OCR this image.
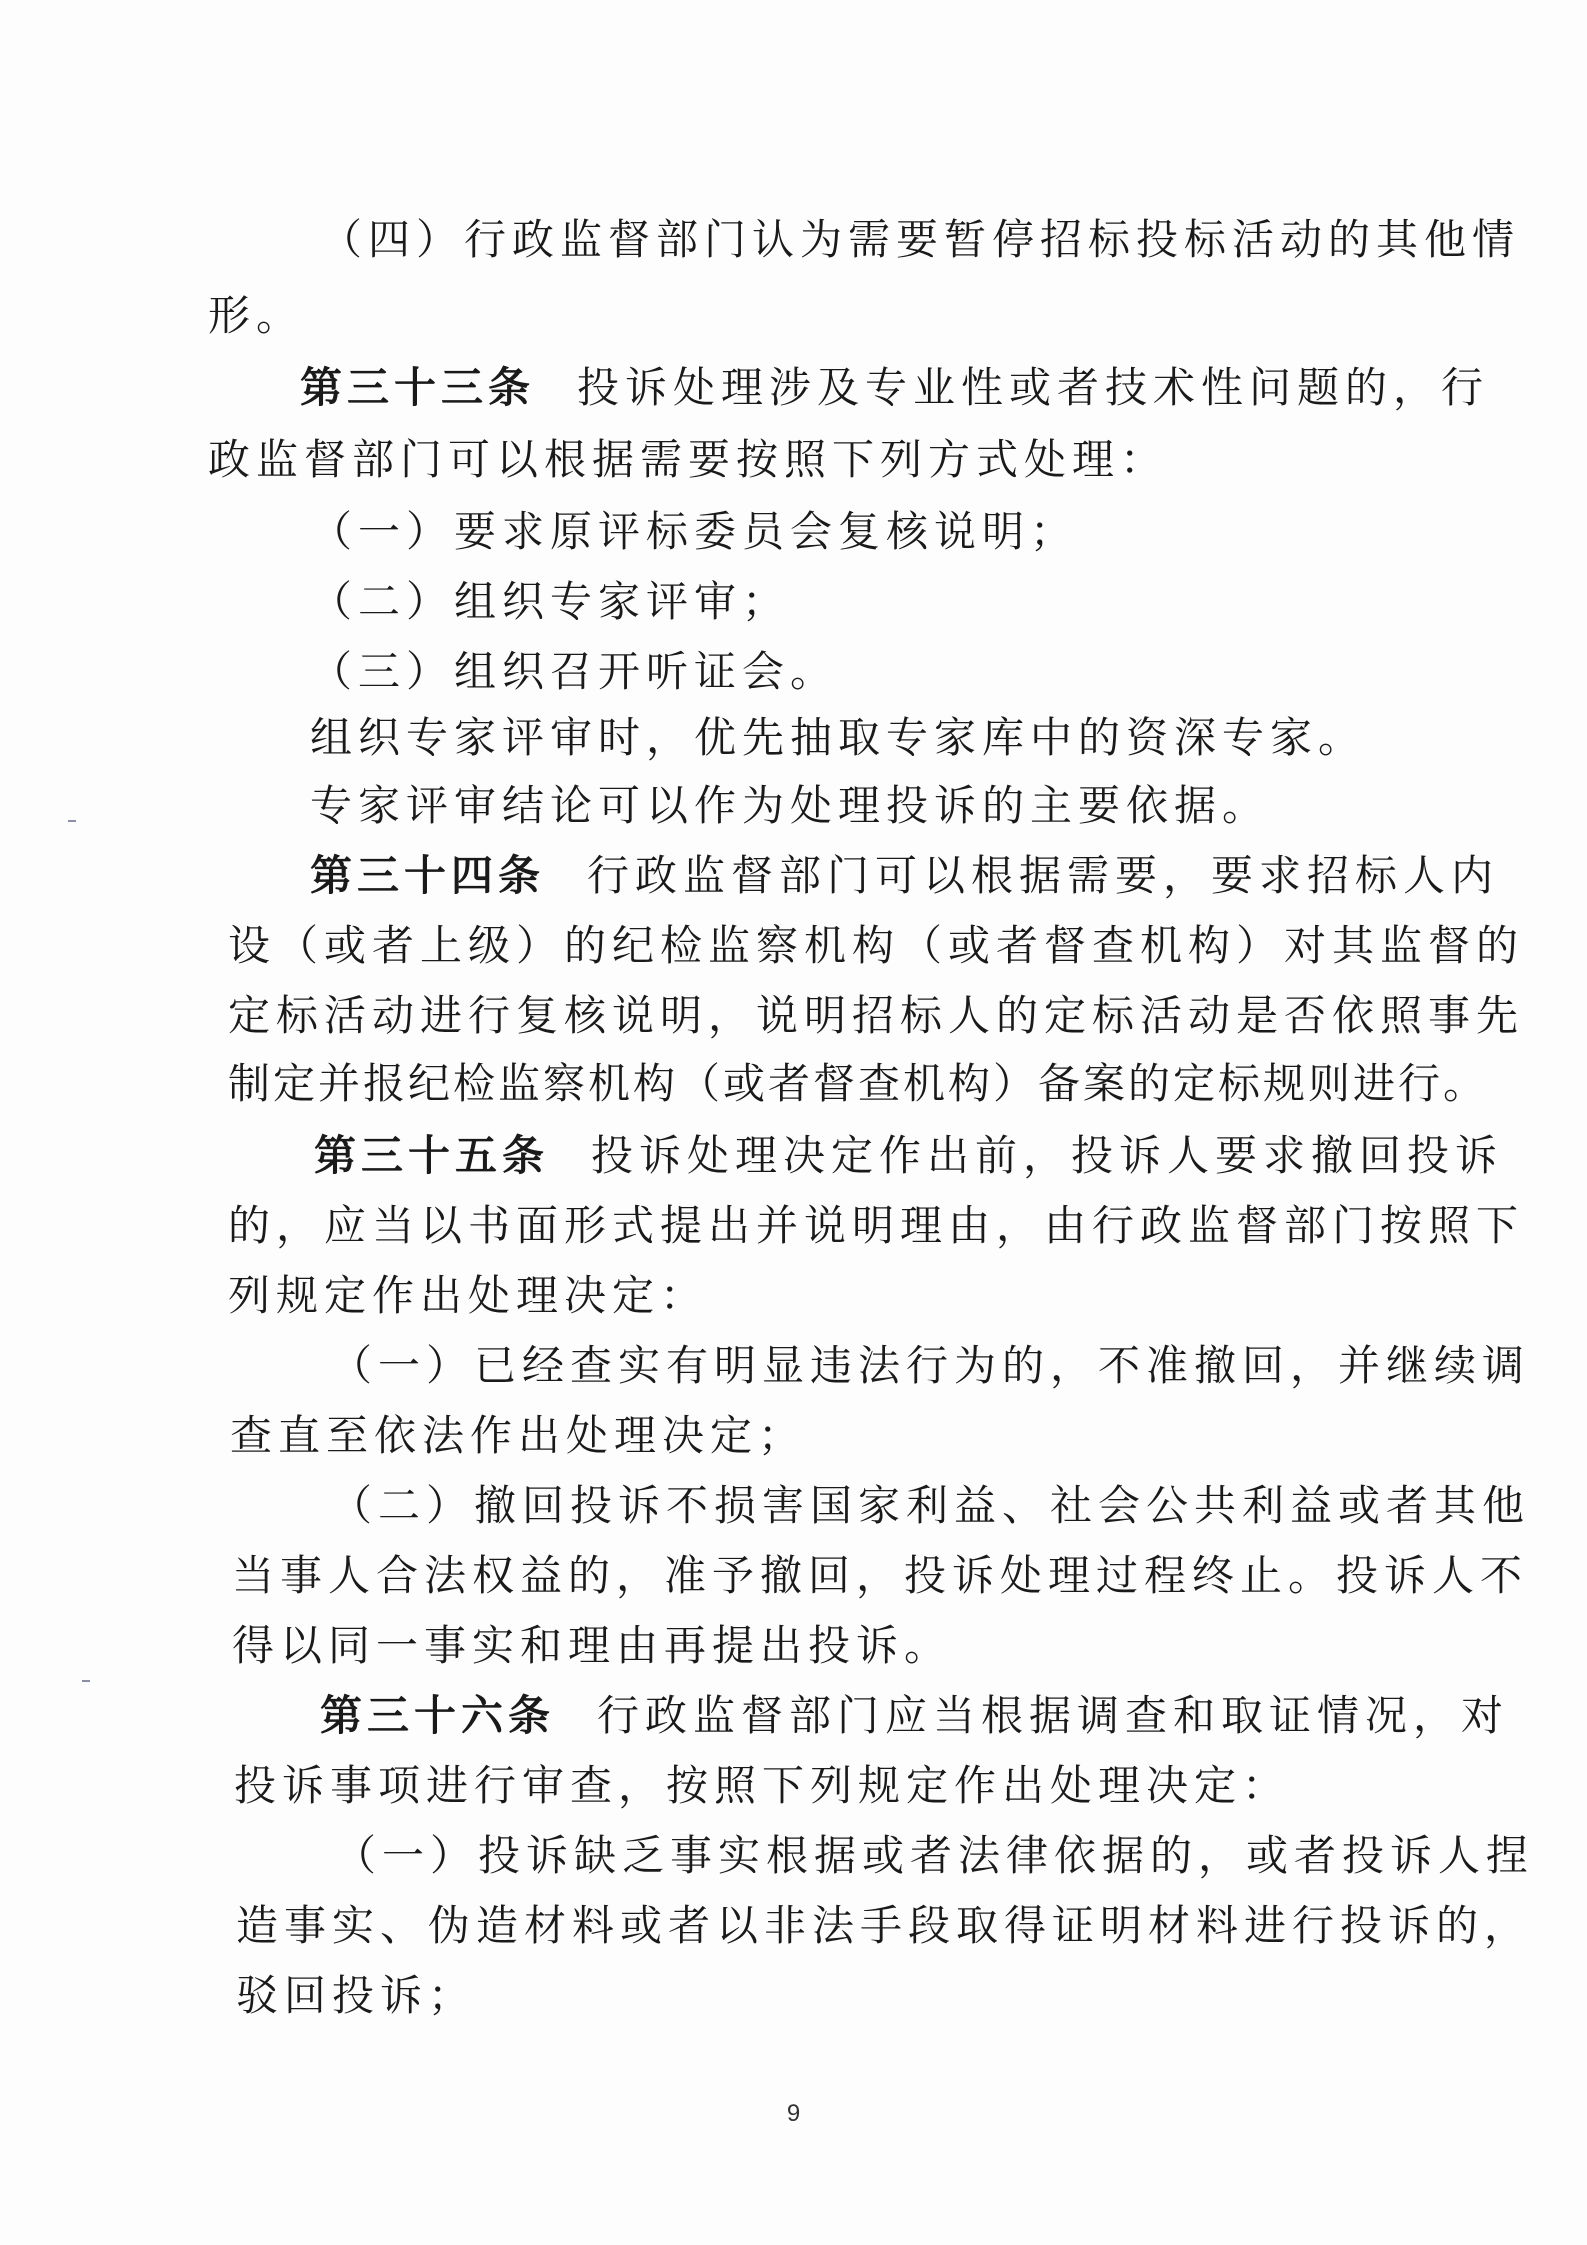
（四）行政监督部门认为需要暂停招标投标活动的其他情

形。

第三十三条 投诉处理涉及专业性或者技术性问题的，行

政监督部门可以根据需要按照下列方式处理：

（一）要求原评标委员会复核说明；

（二）组织专家评审；

（三）组织召开听证会。

组织专家评审时，优先抽取专家库中的资深专家。

专家评审结论可以作为处理投诉的主要依据。

第三十四条 行政监督部门可以根据需要，要求招标人内

设（或者上级）的纪检监察机构（或者督查机构）对其监督的

定标活动进行复核说明，说明招标人的定标活动是否依照事先

制定并报纪检监察机构（或者督查机构）备案的定标规则进行。

第三十五条 投诉处理决定作出前，投诉人要求撤回投诉

的，应当以书面形式提出并说明理由，由行政监督部门按照下

列规定作出处理决定：

（一）已经查实有明显违法行为的，不准撤回，并继续调

查直至依法作出处理决定；

（二）撤回投诉不损害国家利益、社会公共利益或者其他

当事人合法权益的，准予撤回，投诉处理过程终止。投诉人不

得以同一事实和理由再提出投诉。

第三十六条 行政监督部门应当根据调查和取证情况，对

投诉事项进行审查，按照下列规定作出处理决定：

（一）投诉缺乏事实根据或者法律依据的，或者投诉人捏

造事实、伪造材料或者以非法手段取得证明材料进行投诉的，

驳回投诉；

9
